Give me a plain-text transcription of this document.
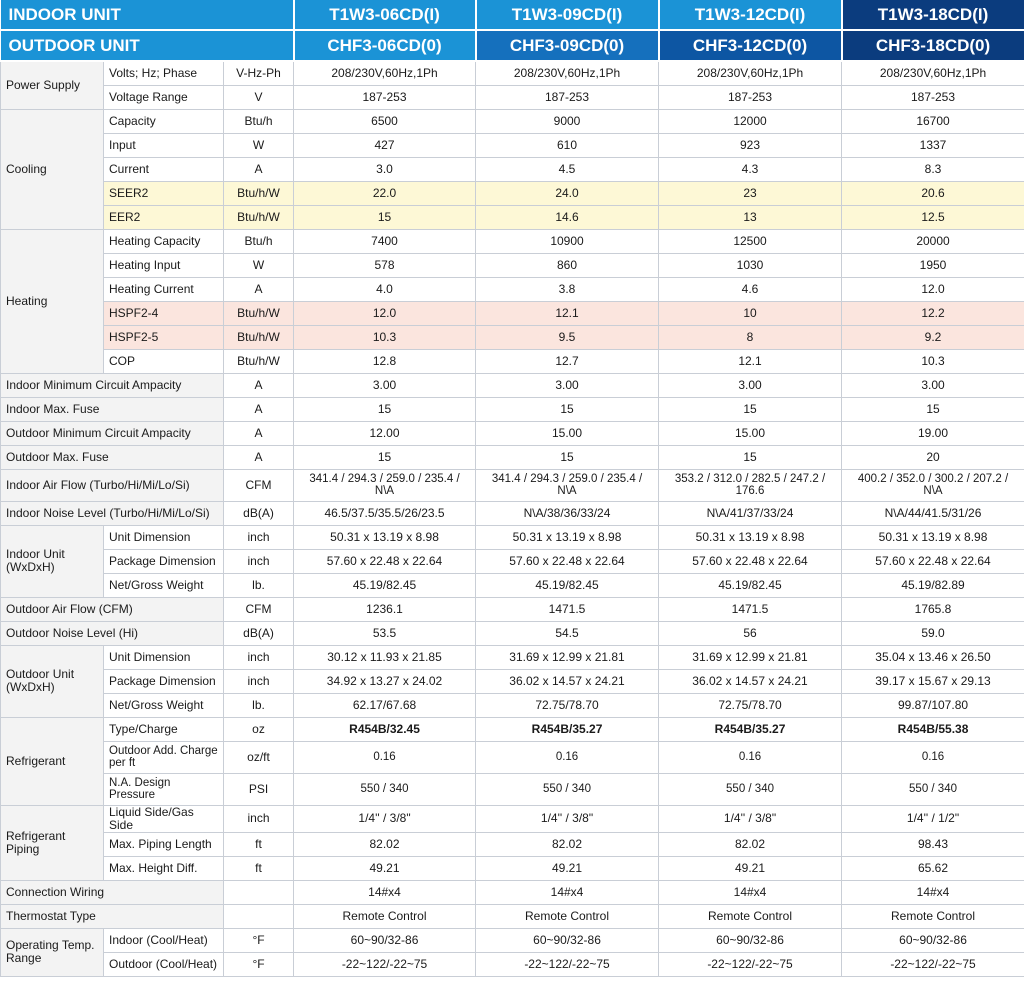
INDOOR UNIT			T1W3-06CD(I)	T1W3-09CD(I)	T1W3-12CD(I)	T1W3-18CD(I)
OUTDOOR UNIT			CHF3-06CD(0)	CHF3-09CD(0)	CHF3-12CD(0)	CHF3-18CD(0)
Power Supply	Volts; Hz; Phase	V-Hz-Ph	208/230V,60Hz,1Ph	208/230V,60Hz,1Ph	208/230V,60Hz,1Ph	208/230V,60Hz,1Ph
	Voltage Range	V	187-253	187-253	187-253	187-253
Cooling	Capacity	Btu/h	6500	9000	12000	16700
	Input	W	427	610	923	1337
	Current	A	3.0	4.5	4.3	8.3
	SEER2	Btu/h/W	22.0	24.0	23	20.6
	EER2	Btu/h/W	15	14.6	13	12.5
Heating	Heating Capacity	Btu/h	7400	10900	12500	20000
	Heating Input	W	578	860	1030	1950
	Heating Current	A	4.0	3.8	4.6	12.0
	HSPF2-4	Btu/h/W	12.0	12.1	10	12.2
	HSPF2-5	Btu/h/W	10.3	9.5	8	9.2
	COP	Btu/h/W	12.8	12.7	12.1	10.3
Indoor Minimum Circuit Ampacity		A	3.00	3.00	3.00	3.00
Indoor Max. Fuse		A	15	15	15	15
Outdoor Minimum Circuit Ampacity		A	12.00	15.00	15.00	19.00
Outdoor Max. Fuse		A	15	15	15	20
Indoor Air Flow (Turbo/Hi/Mi/Lo/Si)		CFM	341.4 / 294.3 / 259.0 / 235.4 / N\A	341.4 / 294.3 / 259.0 / 235.4 / N\A	353.2 / 312.0 / 282.5 / 247.2 / 176.6	400.2 / 352.0 / 300.2 / 207.2 / N\A
Indoor Noise Level (Turbo/Hi/Mi/Lo/Si)		dB(A)	46.5/37.5/35.5/26/23.5	N\A/38/36/33/24	N\A/41/37/33/24	N\A/44/41.5/31/26
Indoor Unit (WxDxH)	Unit Dimension	inch	50.31 x 13.19 x 8.98	50.31 x 13.19 x 8.98	50.31 x 13.19 x 8.98	50.31 x 13.19 x 8.98
	Package Dimension	inch	57.60 x 22.48 x 22.64	57.60 x 22.48 x 22.64	57.60 x 22.48 x 22.64	57.60 x 22.48 x 22.64
	Net/Gross Weight	lb.	45.19/82.45	45.19/82.45	45.19/82.45	45.19/82.89
Outdoor Air Flow (CFM)		CFM	1236.1	1471.5	1471.5	1765.8
Outdoor Noise Level (Hi)		dB(A)	53.5	54.5	56	59.0
Outdoor Unit (WxDxH)	Unit Dimension	inch	30.12 x 11.93 x 21.85	31.69 x 12.99 x 21.81	31.69 x 12.99 x 21.81	35.04 x 13.46 x 26.50
	Package Dimension	inch	34.92 x 13.27 x 24.02	36.02 x 14.57 x 24.21	36.02 x 14.57 x 24.21	39.17 x 15.67 x 29.13
	Net/Gross Weight	lb.	62.17/67.68	72.75/78.70	72.75/78.70	99.87/107.80
Refrigerant	Type/Charge	oz	R454B/32.45	R454B/35.27	R454B/35.27	R454B/55.38
	Outdoor Add. Charge per ft	oz/ft	0.16	0.16	0.16	0.16
	N.A. Design Pressure	PSI	550 / 340	550 / 340	550 / 340	550 / 340
Refrigerant Piping	Liquid Side/Gas Side	inch	1/4'' / 3/8"	1/4'' / 3/8"	1/4'' / 3/8"	1/4'' / 1/2"
	Max. Piping Length	ft	82.02	82.02	82.02	98.43
	Max. Height Diff.	ft	49.21	49.21	49.21	65.62
Connection Wiring			14#x4	14#x4	14#x4	14#x4
Thermostat Type			Remote Control	Remote Control	Remote Control	Remote Control
Operating Temp. Range	Indoor (Cool/Heat)	°F	60~90/32-86	60~90/32-86	60~90/32-86	60~90/32-86
	Outdoor (Cool/Heat)	°F	-22~122/-22~75	-22~122/-22~75	-22~122/-22~75	-22~122/-22~75
